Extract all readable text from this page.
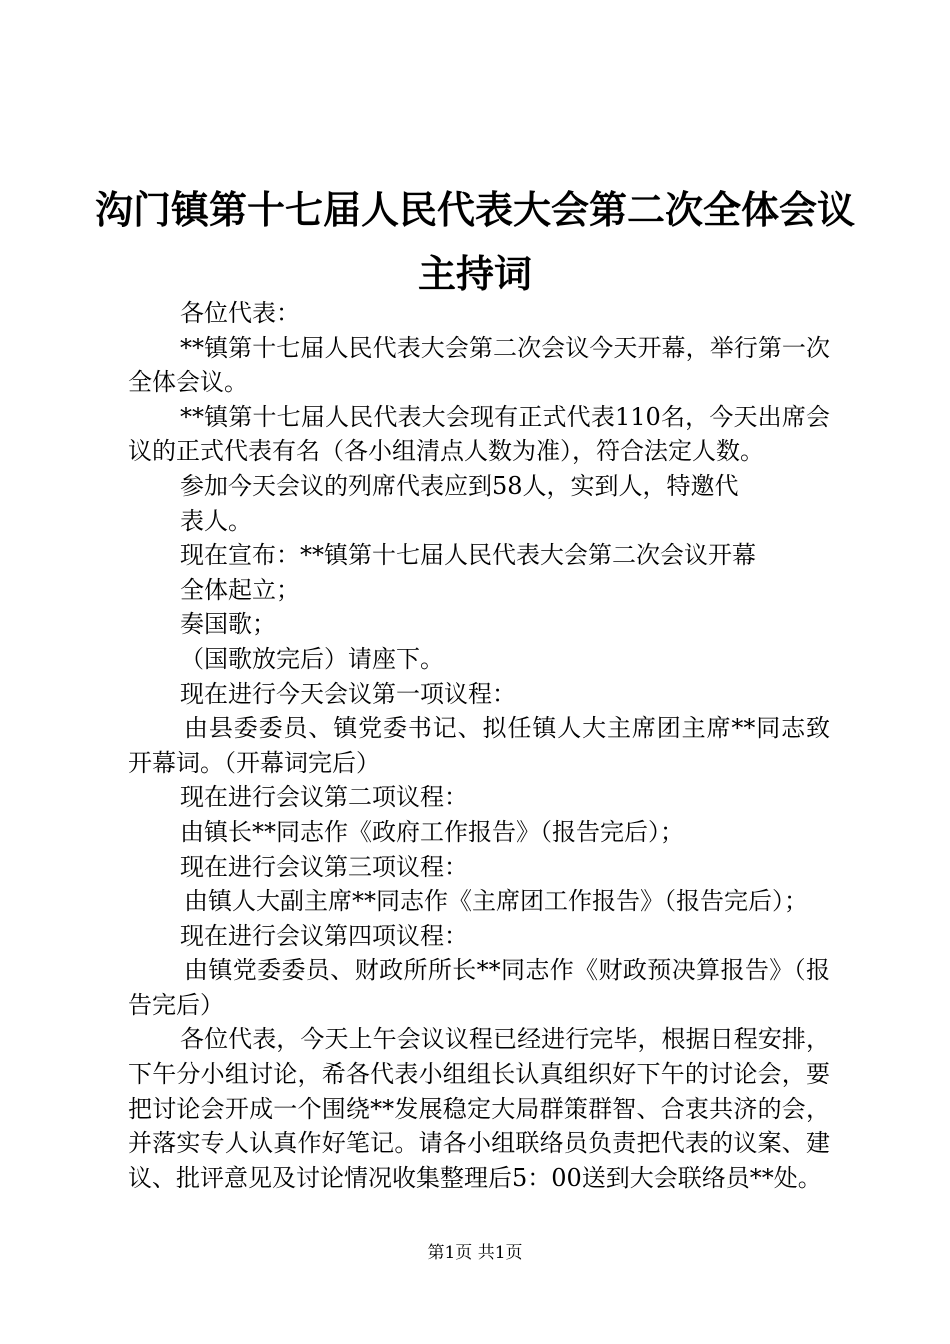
沟门镇第十七届人民代表大会第二次全体会议
主持词

各位代表：

**镇第十七届人民代表大会第二次会议今天开幕，举行第一次全体会议。

**镇第十七届人民代表大会现有正式代表110名，今天出席会议的正式代表有名（各小组清点人数为准），符合法定人数。

参加今天会议的列席代表应到58人，实到人，特邀代

表人。

现在宣布：**镇第十七届人民代表大会第二次会议开幕

全体起立；

奏国歌；

（国歌放完后）请座下。

现在进行今天会议第一项议程：

由县委委员、镇党委书记、拟任镇人大主席团主席**同志致开幕词。（开幕词完后）

现在进行会议第二项议程：

由镇长**同志作《政府工作报告》（报告完后）；

现在进行会议第三项议程：

由镇人大副主席**同志作《主席团工作报告》（报告完后）；

现在进行会议第四项议程：

由镇党委委员、财政所所长**同志作《财政预决算报告》（报告完后）

各位代表，今天上午会议议程已经进行完毕，根据日程安排，下午分小组讨论，希各代表小组组长认真组织好下午的讨论会，要把讨论会开成一个围绕**发展稳定大局群策群智、合衷共济的会，并落实专人认真作好笔记。请各小组联络员负责把代表的议案、建议、批评意见及讨论情况收集整理后5：00送到大会联络员**处。

第1页 共1页
